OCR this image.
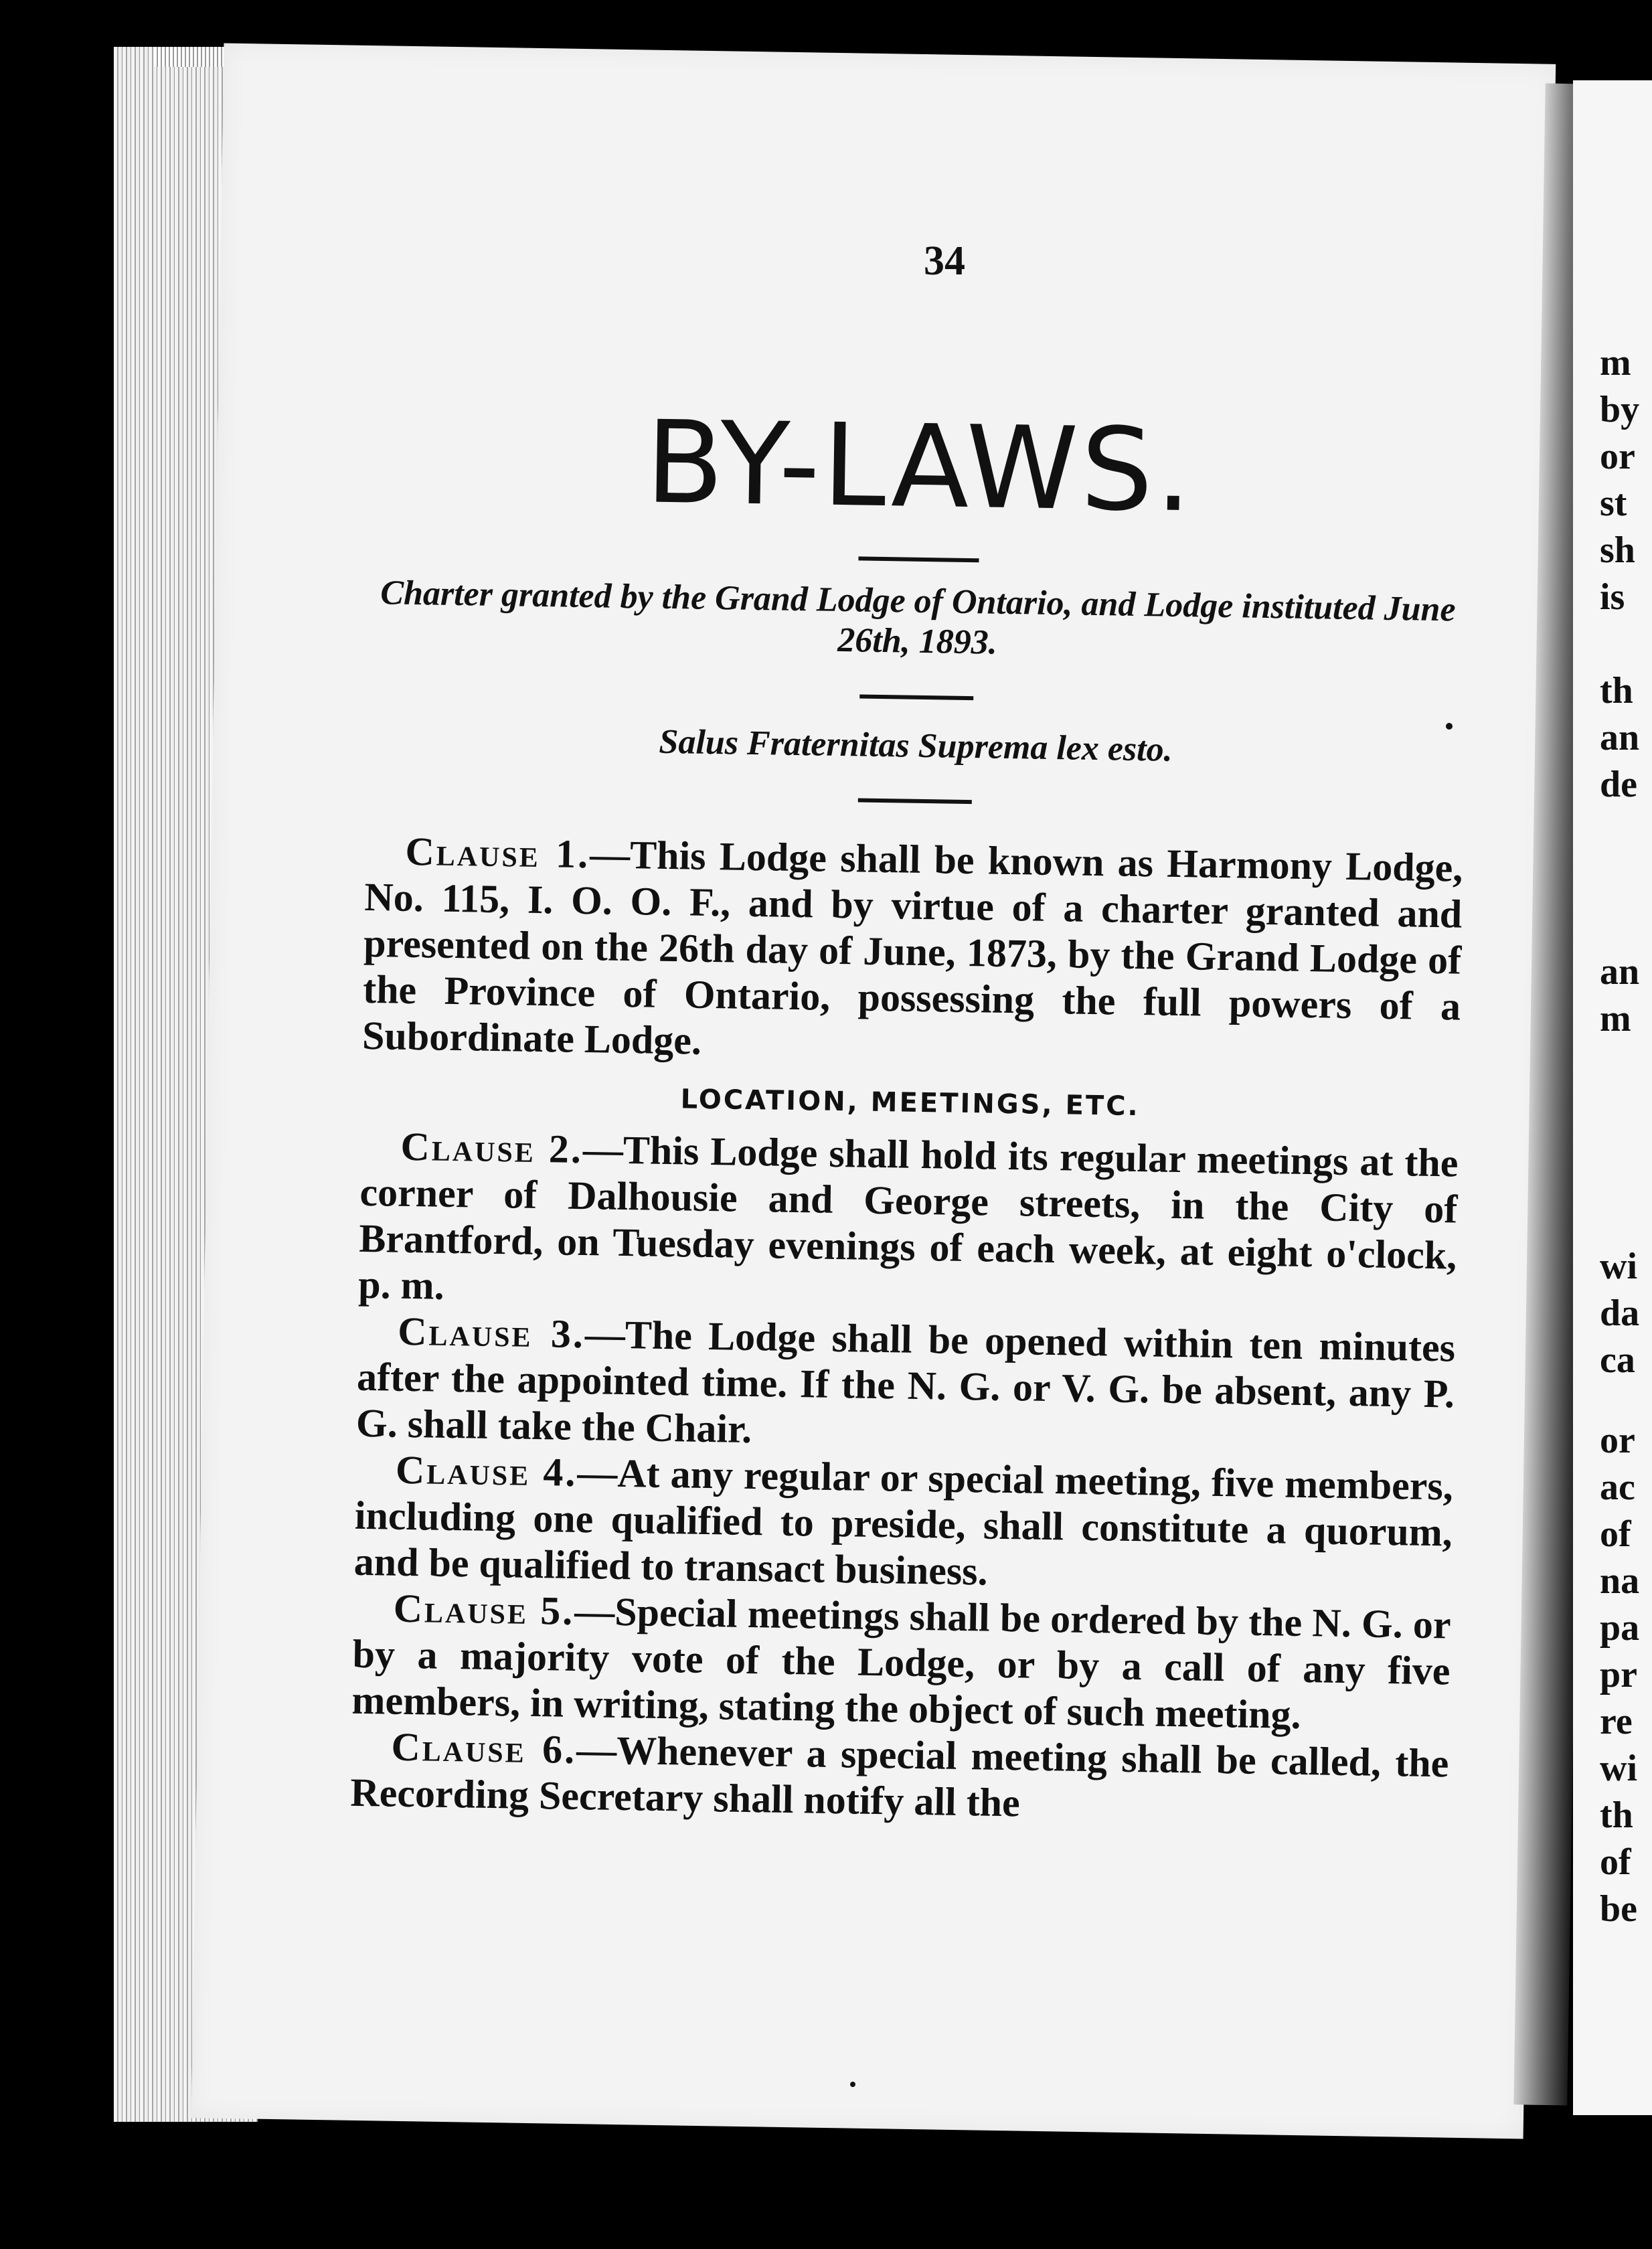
m
by
or
st
sh
is
th
an
de
an
m
wi
da
ca
or
ac
of
na
pa
pr
re
wi
th
of
be
34
BY-LAWS.
Charter granted by the Grand Lodge of Ontario, and Lodge instituted June 26th, 1893.
Salus Fraternitas Suprema lex esto.

Clause 1.—This Lodge shall be known as Harmony Lodge, No. 115, I. O. O. F., and by virtue of a charter granted and presented on the 26th day of June, 1873, by the Grand Lodge of the Province of Ontario, possessing the full powers of a Subordinate Lodge.

LOCATION, MEETINGS, ETC.

Clause 2.—This Lodge shall hold its regular meetings at the corner of Dalhousie and George streets, in the City of Brantford, on Tuesday evenings of each week, at eight o'clock, p. m.

Clause 3.—The Lodge shall be opened within ten minutes after the appointed time. If the N. G. or V. G. be absent, any P. G. shall take the Chair.

Clause 4.—At any regular or special meeting, five members, including one qualified to preside, shall constitute a quorum, and be qualified to transact business.

Clause 5.—Special meetings shall be ordered by the N. G. or by a majority vote of the Lodge, or by a call of any five members, in writing, stating the object of such meeting.

Clause 6.—Whenever a special meeting shall be called, the Recording Secretary shall notify all the
